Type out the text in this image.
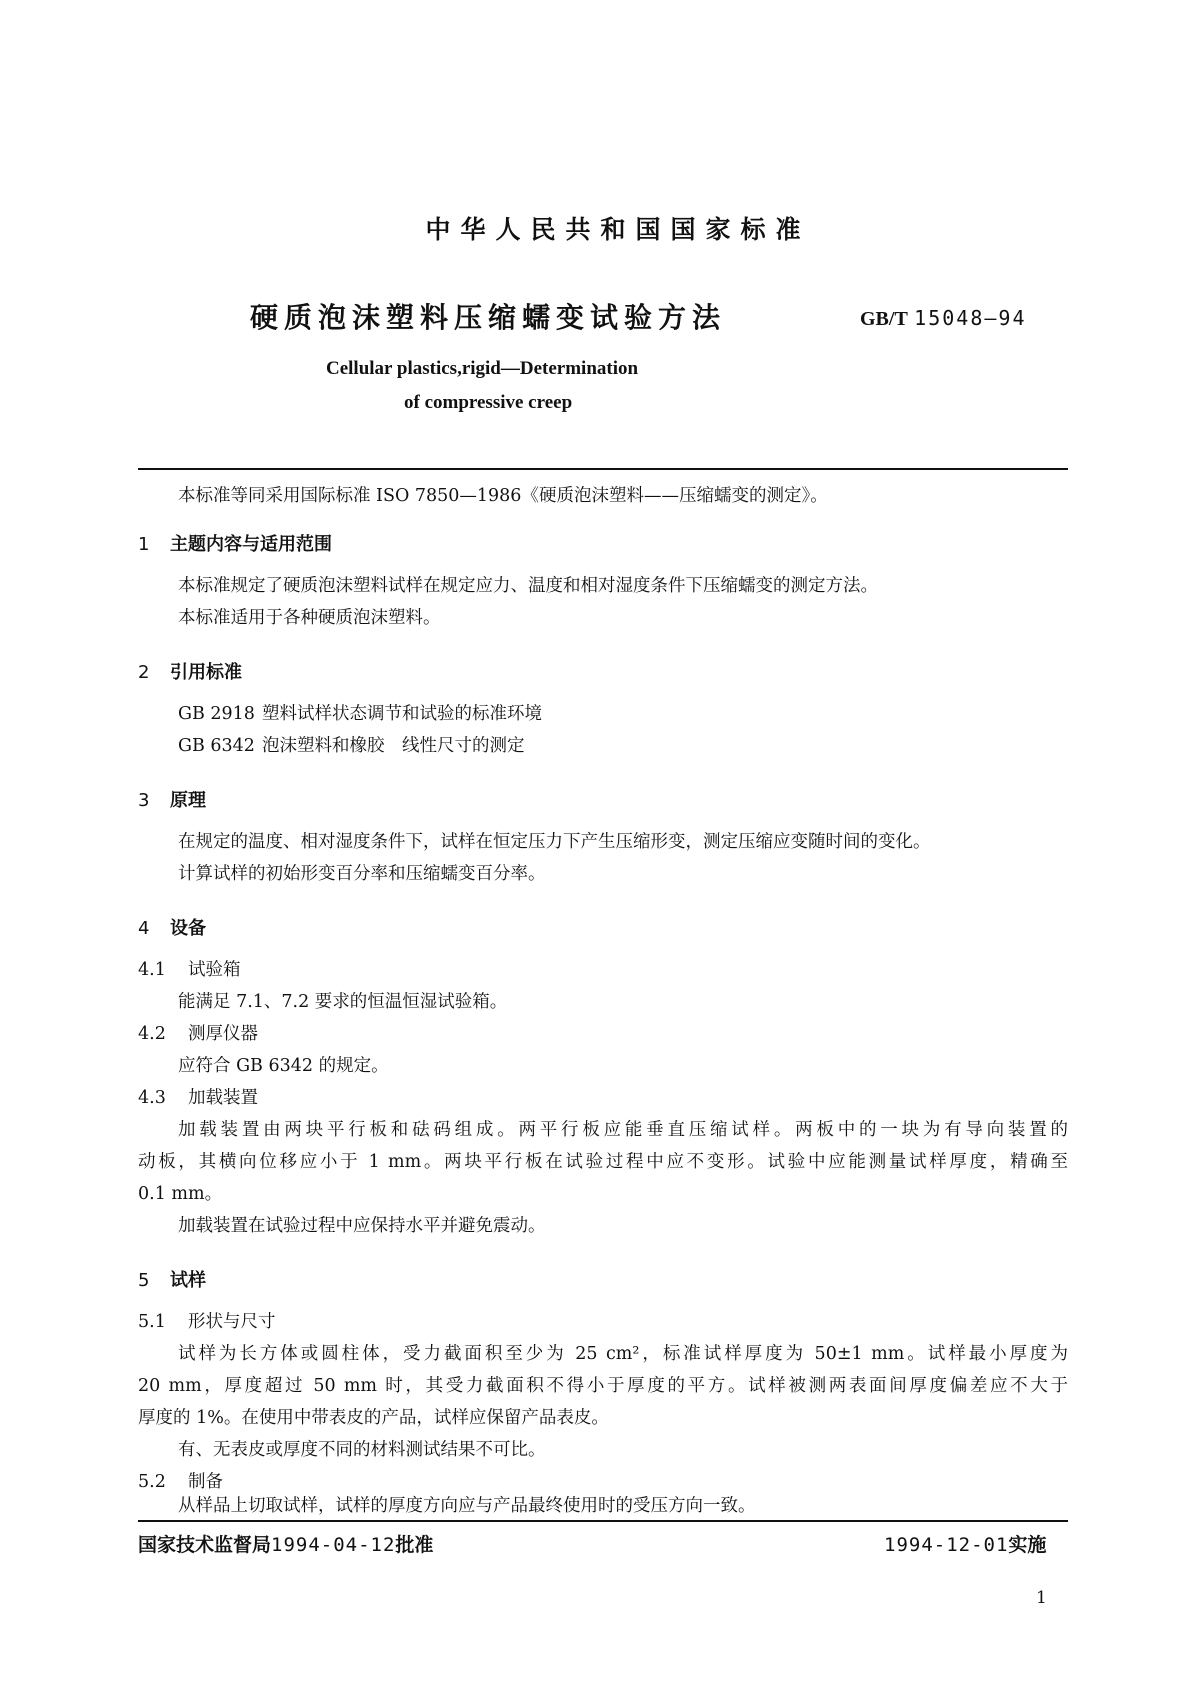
中华人民共和国国家标准
硬质泡沫塑料压缩蠕变试验方法	GB/T 15048—94
Cellular plastics,rigid—Determination
of compressive creep
本标准等同采用国际标准 ISO 7850—1986《硬质泡沫塑料——压缩蠕变的测定》。
1 主题内容与适用范围
本标准规定了硬质泡沫塑料试样在规定应力、温度和相对湿度条件下压缩蠕变的测定方法。
本标准适用于各种硬质泡沫塑料。
2 引用标准
GB 2918 塑料试样状态调节和试验的标准环境
GB 6342 泡沫塑料和橡胶　线性尺寸的测定
3 原理
在规定的温度、相对湿度条件下，试样在恒定压力下产生压缩形变，测定压缩应变随时间的变化。
计算试样的初始形变百分率和压缩蠕变百分率。
4 设备
4.1 试验箱
能满足 7.1、7.2 要求的恒温恒湿试验箱。
4.2 测厚仪器
应符合 GB 6342 的规定。
4.3 加载装置
加载装置由两块平行板和砝码组成。两平行板应能垂直压缩试样。两板中的一块为有导向装置的
动板，其横向位移应小于 1 mm。两块平行板在试验过程中应不变形。试验中应能测量试样厚度，精确至
0.1 mm。
加载装置在试验过程中应保持水平并避免震动。
5 试样
5.1 形状与尺寸
试样为长方体或圆柱体，受力截面积至少为 25 cm²，标准试样厚度为 50±1 mm。试样最小厚度为
20 mm，厚度超过 50 mm 时，其受力截面积不得小于厚度的平方。试样被测两表面间厚度偏差应不大于
厚度的 1%。在使用中带表皮的产品，试样应保留产品表皮。
有、无表皮或厚度不同的材料测试结果不可比。
5.2 制备
从样品上切取试样，试样的厚度方向应与产品最终使用时的受压方向一致。
国家技术监督局1994-04-12批准	1994-12-01实施
1
